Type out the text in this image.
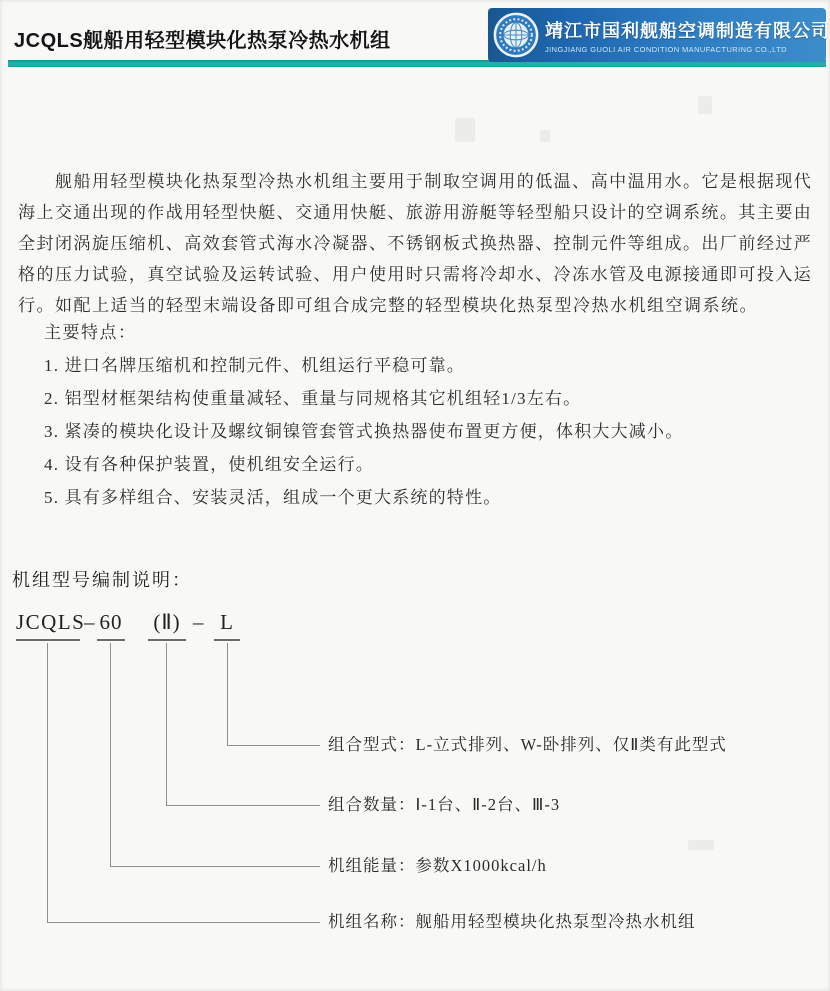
JCQLS舰船用轻型模块化热泵冷热水机组	靖江市国利舰船空调制造有限公司
JINGJIANG GUOLI AIR CONDITION MANUFACTURING CO.,LTD
舰船用轻型模块化热泵型冷热水机组主要用于制取空调用的低温、高中温用水。它是根据现代
海上交通出现的作战用轻型快艇、交通用快艇、旅游用游艇等轻型船只设计的空调系统。其主要由
全封闭涡旋压缩机、高效套管式海水冷凝器、不锈钢板式换热器、控制元件等组成。出厂前经过严
格的压力试验，真空试验及运转试验、用户使用时只需将冷却水、冷冻水管及电源接通即可投入运
行。如配上适当的轻型末端设备即可组合成完整的轻型模块化热泵型冷热水机组空调系统。
主要特点：
1. 进口名牌压缩机和控制元件、机组运行平稳可靠。
2. 铝型材框架结构使重量减轻、重量与同规格其它机组轻1/3左右。
3. 紧凑的模块化设计及螺纹铜镍管套管式换热器使布置更方便，体积大大减小。
4. 设有各种保护装置，使机组安全运行。
5. 具有多样组合、安装灵活，组成一个更大系统的特性。
机组型号编制说明：
JCQLS
– 60 (Ⅱ) – L
组合型式：L-立式排列、W-卧排列、仅Ⅱ类有此型式
组合数量：Ⅰ-1台、Ⅱ-2台、Ⅲ-3
机组能量：参数X1000kcal/h
机组名称：舰船用轻型模块化热泵型冷热水机组
